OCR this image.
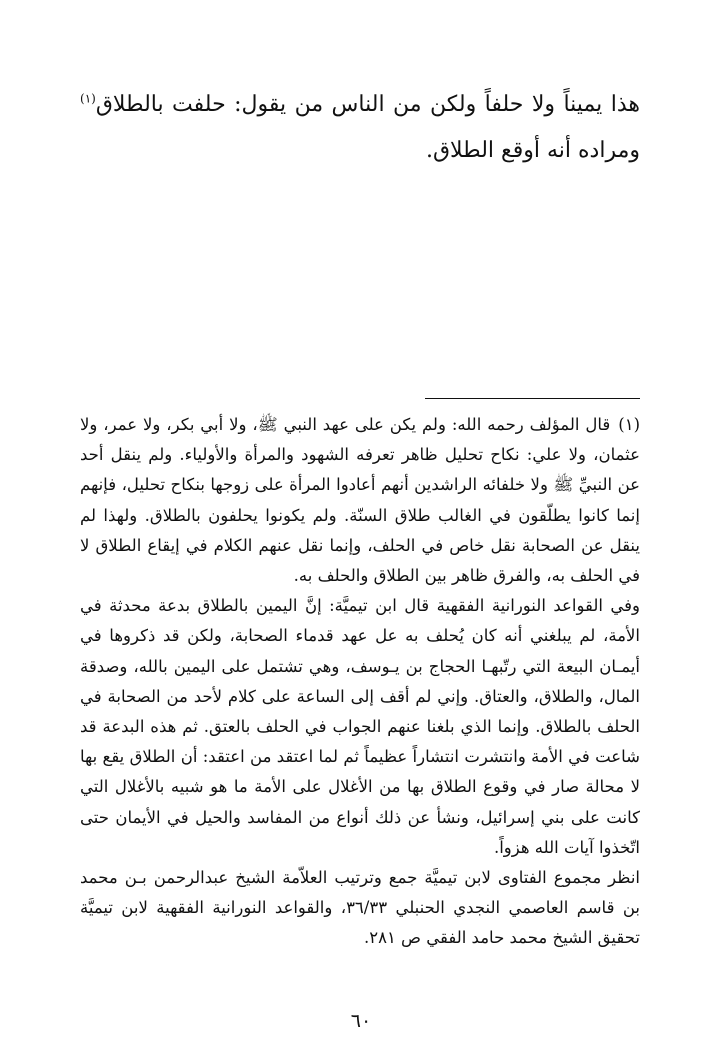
هذا يميناً ولا حلفاً ولكن من الناس من يقول: حلفت بالطلاق$^{(١)}$ ومراده أنه أوقع الطلاق.

(١)قال المؤلف رحمه الله: ولم يكن على عهد النبي ﷺ، ولا أبي بكر، ولا عمر، ولا عثمان، ولا علي: نكاح تحليل ظاهر تعرفه الشهود والمرأة والأولياء. ولم ينقل أحد عن النبيِّ ﷺ ولا خلفائه الراشدين أنهم أعادوا المرأة على زوجها بنكاح تحليل، فإنهم إنما كانوا يطلّقون في الغالب طلاق السنّة. ولم يكونوا يحلفون بالطلاق. ولهذا لم ينقل عن الصحابة نقل خاص في الحلف، وإنما نقل عنهم الكلام في إيقاع الطلاق لا في الحلف به، والفرق ظاهر بين الطلاق والحلف به.

وفي القواعد النورانية الفقهية قال ابن تيميَّة: إنَّ اليمين بالطلاق بدعة محدثة في الأمة، لم يبلغني أنه كان يُحلف به عل عهد قدماء الصحابة، ولكن قد ذكروها في أيمـان البيعة التي رتّبهـا الحجاج بن يـوسف، وهي تشتمل على اليمين بالله، وصدقة المال، والطلاق، والعتاق. وإني لم أقف إلى الساعة على كلام لأحد من الصحابة في الحلف بالطلاق. وإنما الذي بلغنا عنهم الجواب في الحلف بالعتق. ثم هذه البدعة قد شاعت في الأمة وانتشرت انتشاراً عظيماً ثم لما اعتقد من اعتقد: أن الطلاق يقع بها لا محالة صار في وقوع الطلاق بها من الأغلال على الأمة ما هو شبيه بالأغلال التي كانت على بني إسرائيل، ونشأ عن ذلك أنواع من المفاسد والحيل في الأيمان حتى اتّخذوا آيات الله هزواً.

انظر مجموع الفتاوى لابن تيميَّة جمع وترتيب العلاّمة الشيخ عبدالرحمن بـن محمد بن قاسم العاصمي النجدي الحنبلي ٣٦/٣٣، والقواعد النورانية الفقهية لابن تيميَّة تحقيق الشيخ محمد حامد الفقي ص ٢٨١.

٦٠
